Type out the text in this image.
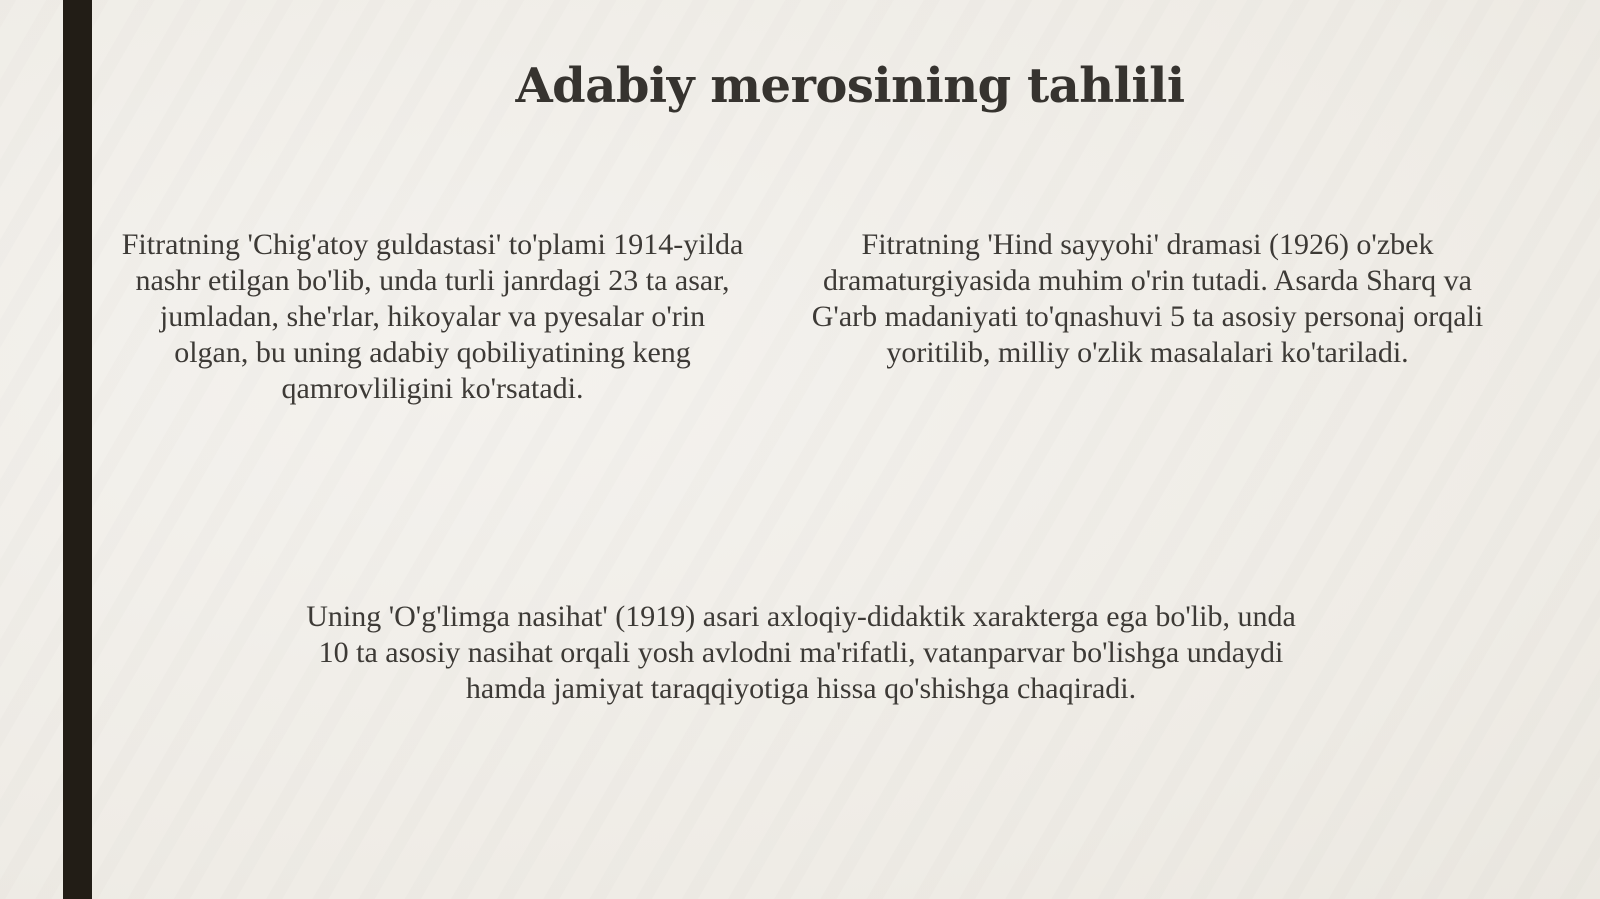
Adabiy merosining tahlili

Fitratning 'Chig'atoy guldastasi' to'plami 1914-yilda nashr etilgan bo'lib, unda turli janrdagi 23 ta asar, jumladan, she'rlar, hikoyalar va pyesalar o'rin olgan, bu uning adabiy qobiliyatining keng qamrovliligini ko'rsatadi.

Fitratning 'Hind sayyohi' dramasi (1926) o'zbek dramaturgiyasida muhim o'rin tutadi. Asarda Sharq va G'arb madaniyati to'qnashuvi 5 ta asosiy personaj orqali yoritilib, milliy o'zlik masalalari ko'tariladi.

Uning 'O'g'limga nasihat' (1919) asari axloqiy-didaktik xarakterga ega bo'lib, unda 10 ta asosiy nasihat orqali yosh avlodni ma'rifatli, vatanparvar bo'lishga undaydi hamda jamiyat taraqqiyotiga hissa qo'shishga chaqiradi.
